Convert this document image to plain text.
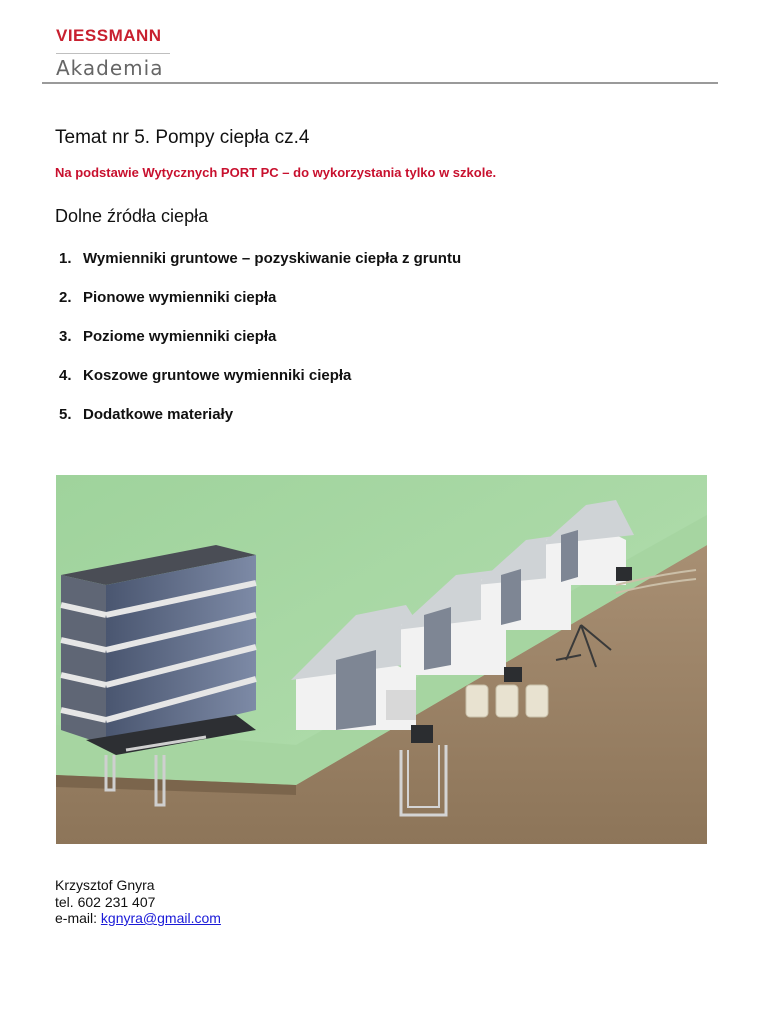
VIESSMANN
Akademia
Temat nr 5. Pompy ciepła cz.4

Na podstawie Wytycznych PORT PC – do wykorzystania tylko w szkole.

Dolne źródła ciepła
1. Wymienniki gruntowe – pozyskiwanie ciepła z gruntu
2. Pionowe wymienniki ciepła
3. Poziome wymienniki ciepła
4. Koszowe gruntowe wymienniki ciepła
5. Dodatkowe materiały
Krzysztof Gnyra
tel. 602 231 407
e-mail: kgnyra@gmail.com
